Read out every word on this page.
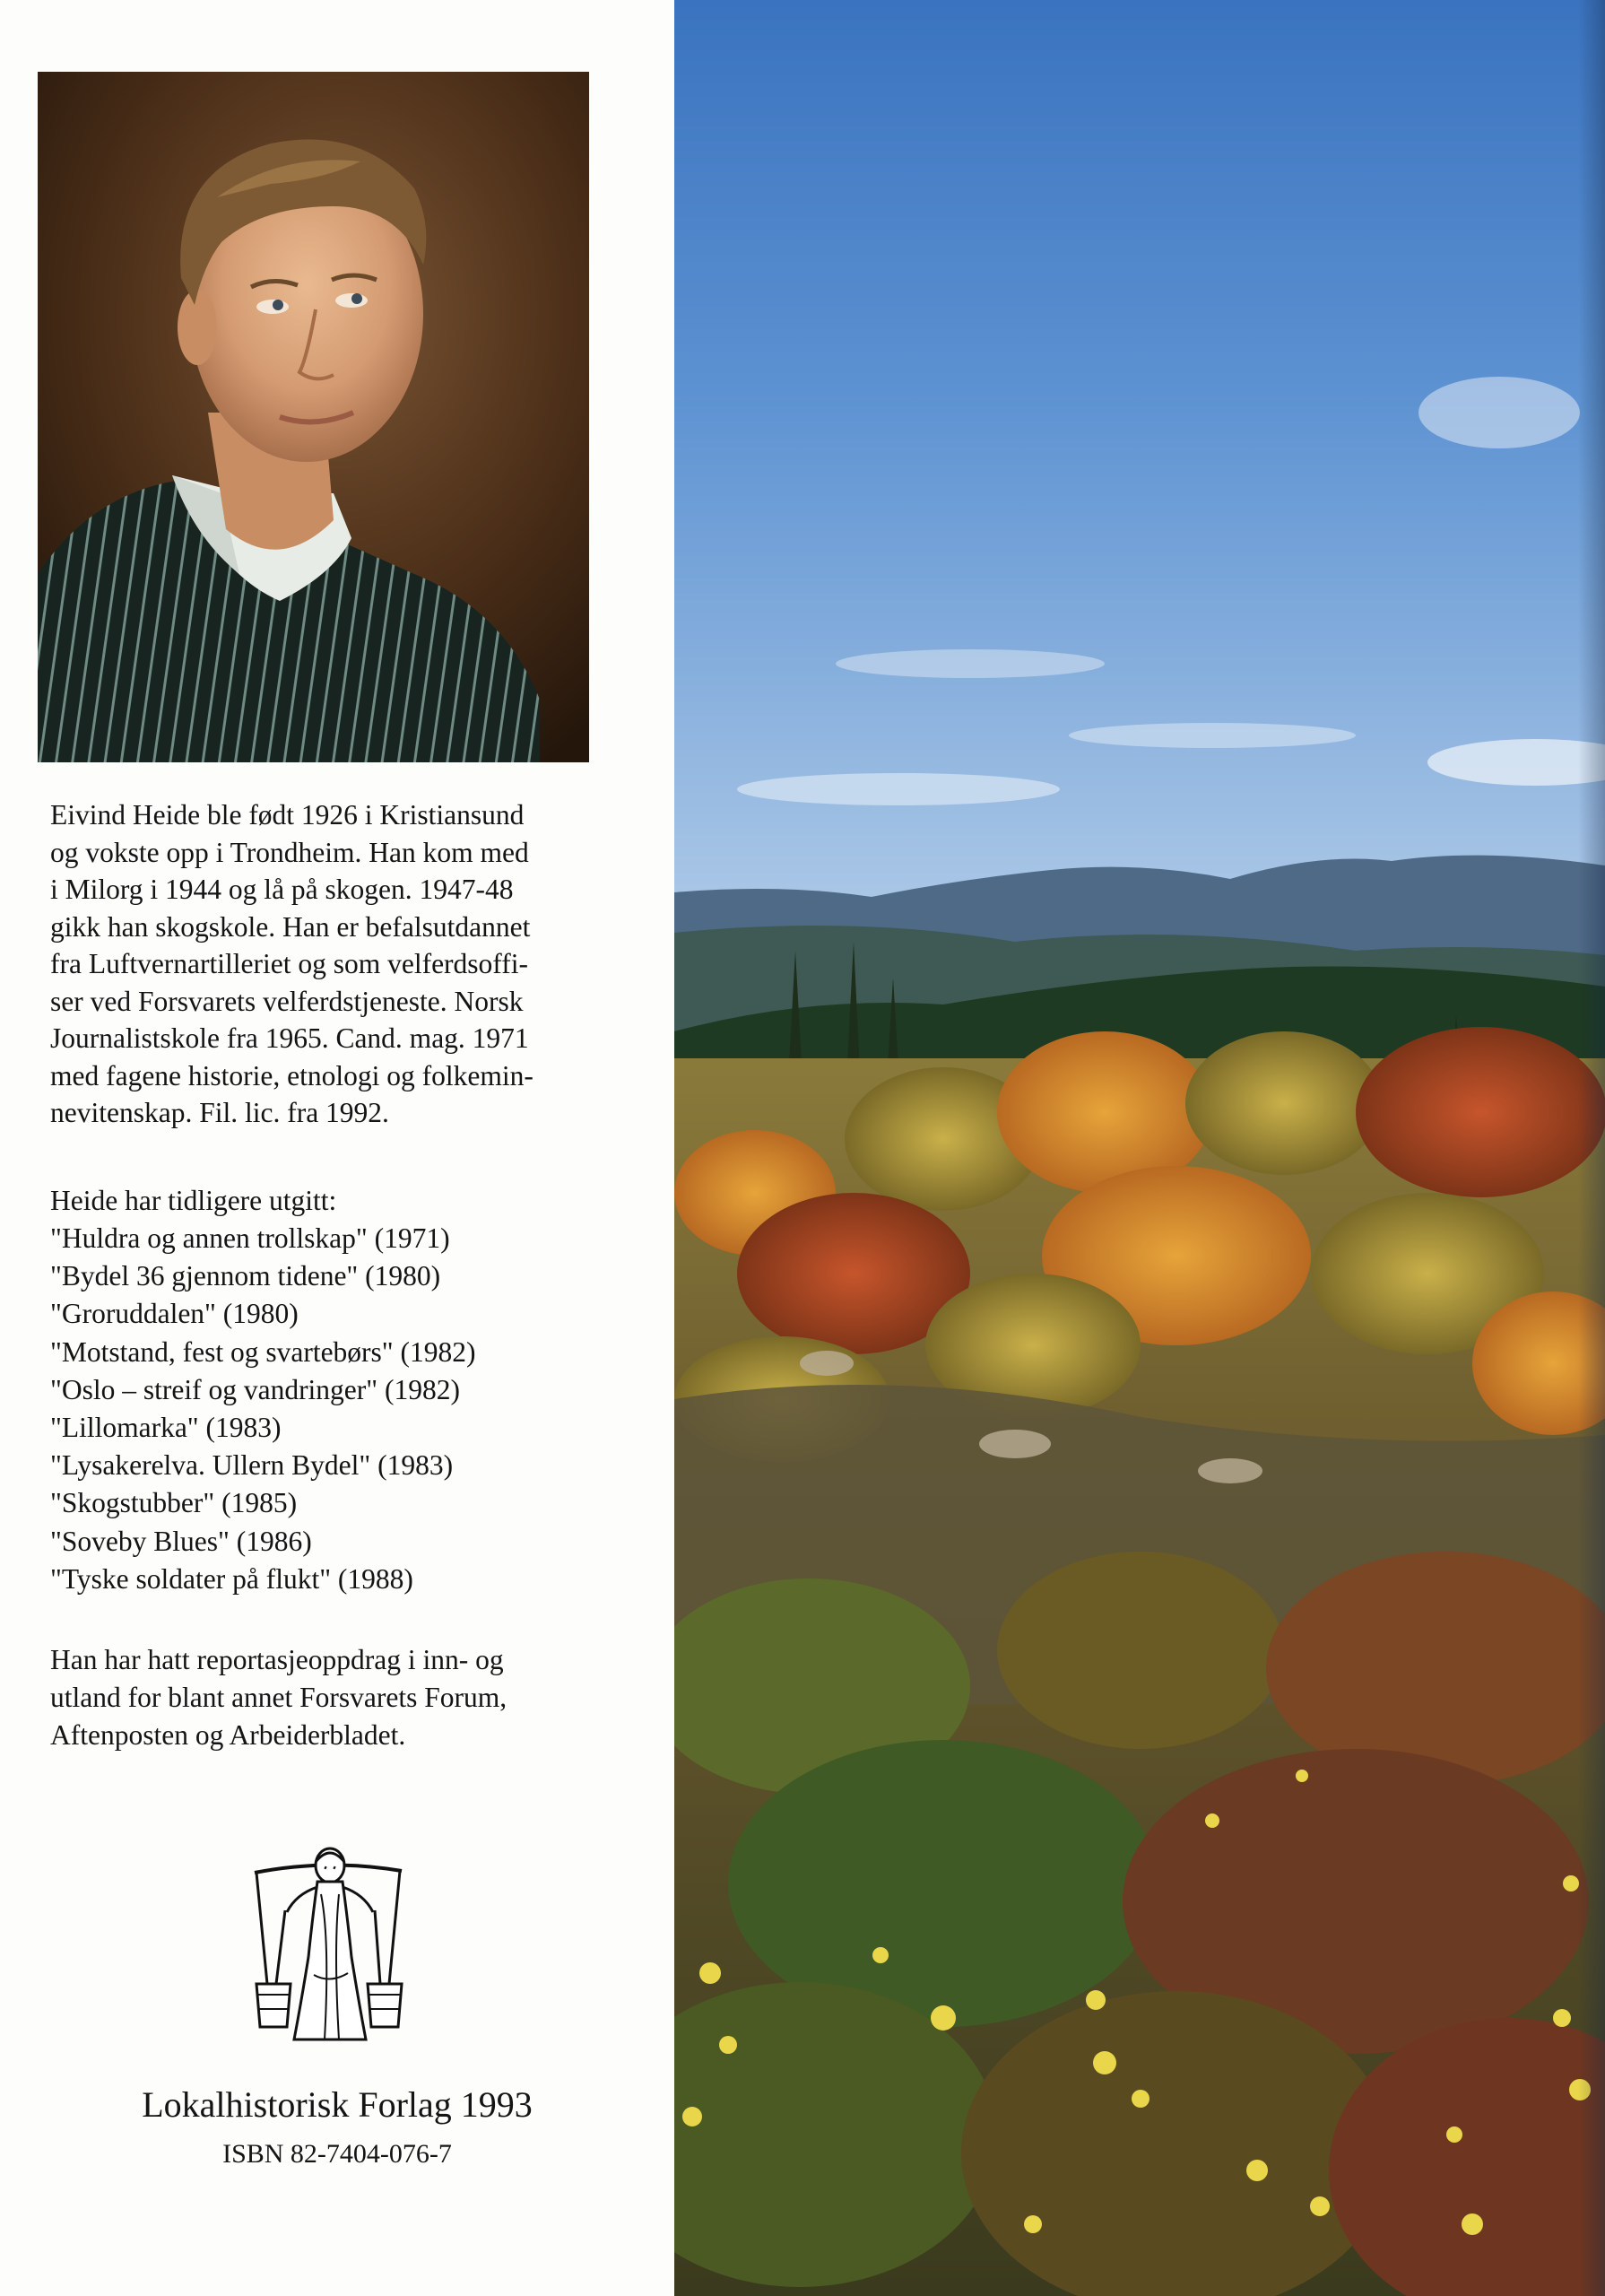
Eivind Heide ble født 1926 i Kristiansund
og vokste opp i Trondheim. Han kom med
i Milorg i 1944 og lå på skogen. 1947-48
gikk han skogskole. Han er befalsutdannet
fra Luftvernartilleriet og som velferdsoffi-
ser ved Forsvarets velferdstjeneste. Norsk
Journalistskole fra 1965. Cand. mag. 1971
med fagene historie, etnologi og folkemin-
nevitenskap. Fil. lic. fra 1992.

Heide har tidligere utgitt:

"Huldra og annen trollskap" (1971)
"Bydel 36 gjennom tidene" (1980)
"Groruddalen" (1980)
"Motstand, fest og svartebørs" (1982)
"Oslo – streif og vandringer" (1982)
"Lillomarka" (1983)
"Lysakerelva. Ullern Bydel" (1983)
"Skogstubber" (1985)
"Soveby Blues" (1986)
"Tyske soldater på flukt" (1988)
Han har hatt reportasjeoppdrag i inn- og
utland for blant annet Forsvarets Forum,
Aftenposten og Arbeiderbladet.

Lokalhistorisk Forlag 1993

ISBN 82-7404-076-7
